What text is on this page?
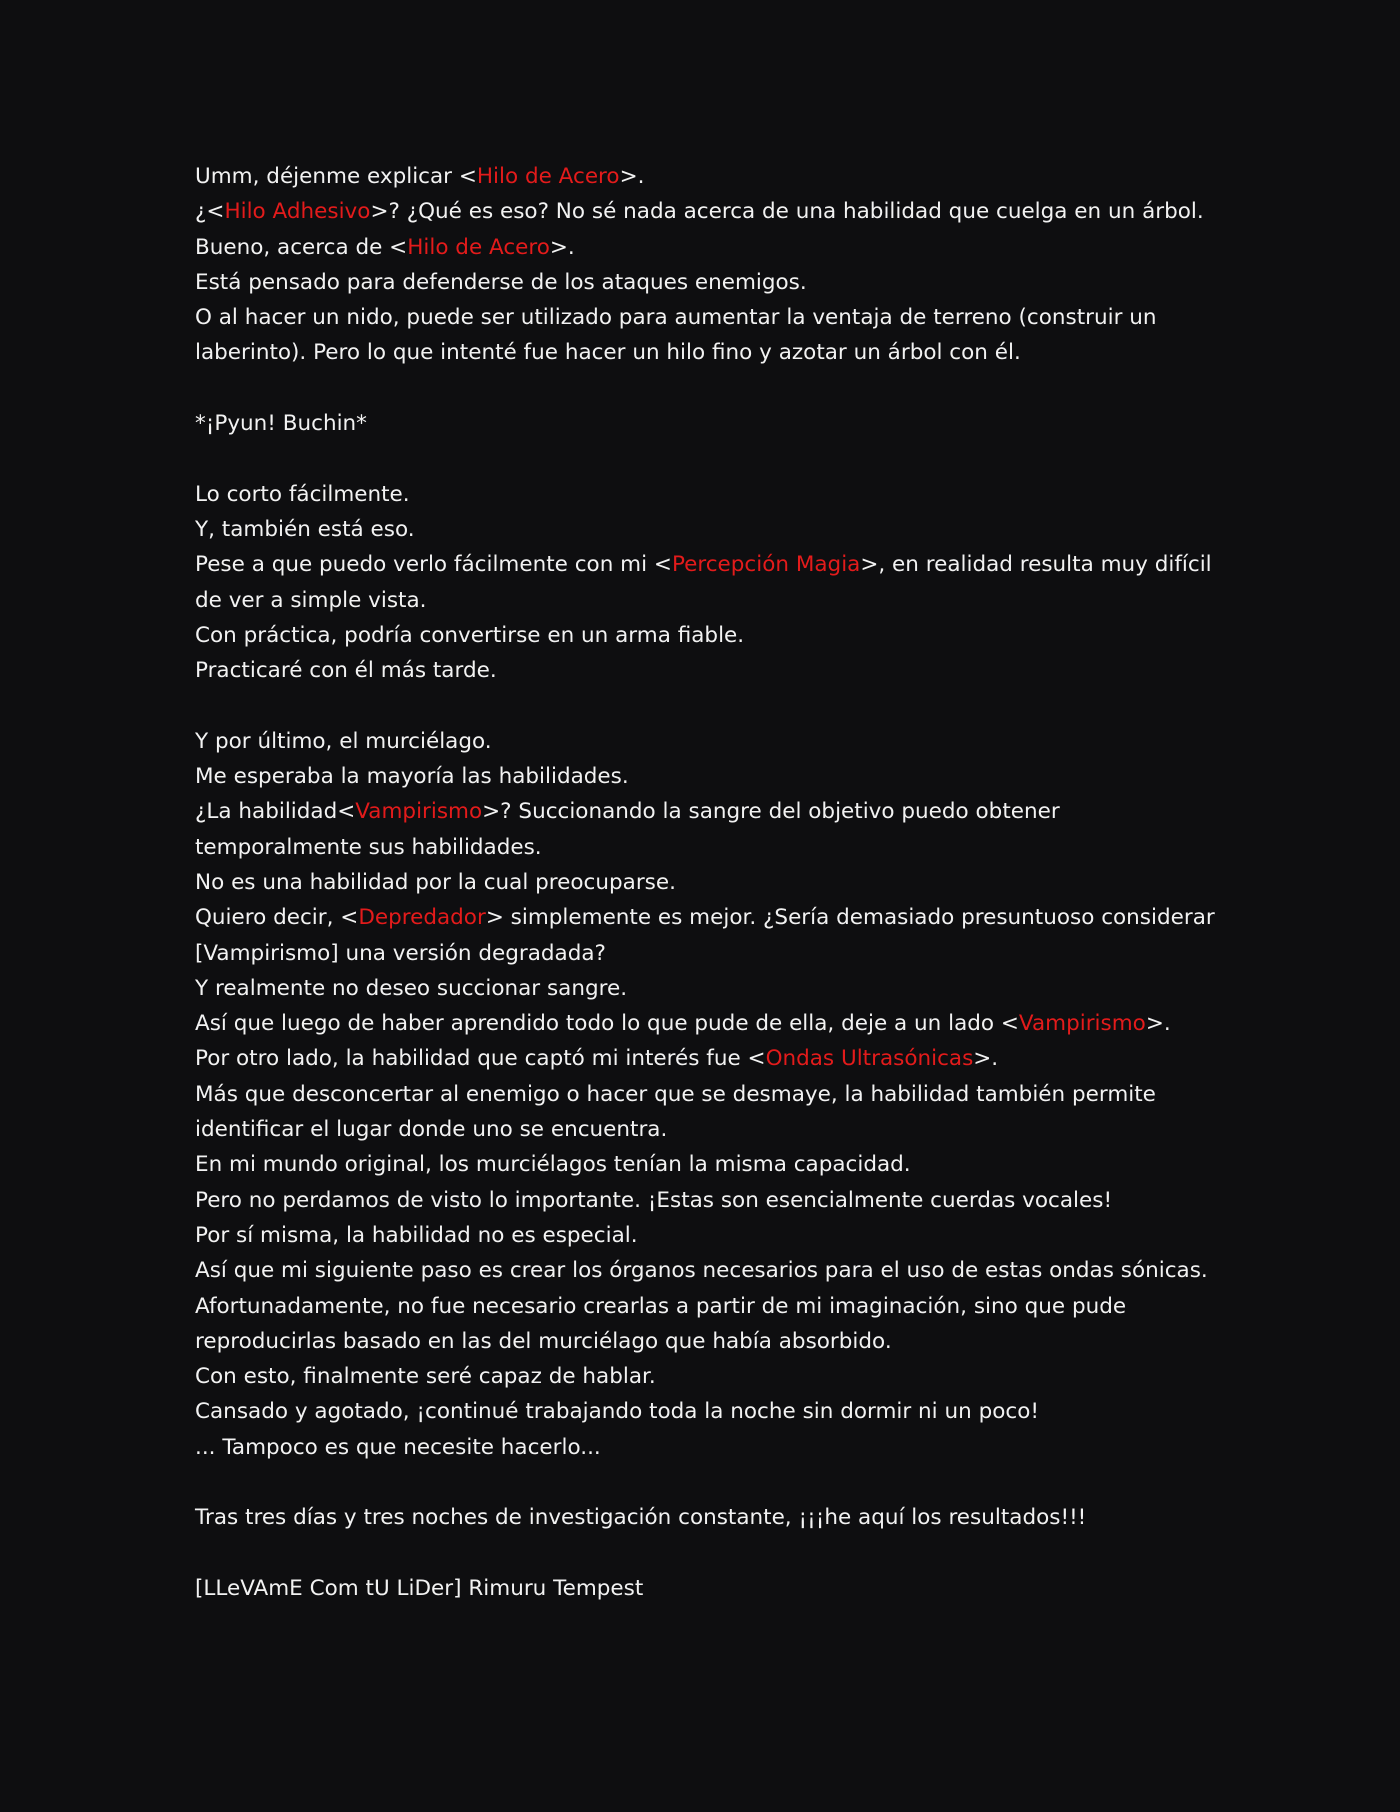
Umm, déjenme explicar <Hilo de Acero>.
¿<Hilo Adhesivo>? ¿Qué es eso? No sé nada acerca de una habilidad que cuelga en un árbol.
Bueno, acerca de <Hilo de Acero>.
Está pensado para defenderse de los ataques enemigos.
O al hacer un nido, puede ser utilizado para aumentar la ventaja de terreno (construir un laberinto). Pero lo que intenté fue hacer un hilo fino y azotar un árbol con él.
*¡Pyun! Buchin*
Lo corto fácilmente.
Y, también está eso.
Pese a que puedo verlo fácilmente con mi <Percepción Magia>, en realidad resulta muy difícil de ver a simple vista.
Con práctica, podría convertirse en un arma fiable.
Practicaré con él más tarde.
Y por último, el murciélago.
Me esperaba la mayoría las habilidades.
¿La habilidad<Vampirismo>? Succionando la sangre del objetivo puedo obtener temporalmente sus habilidades.
No es una habilidad por la cual preocuparse.
Quiero decir, <Depredador> simplemente es mejor. ¿Sería demasiado presuntuoso considerar [Vampirismo] una versión degradada?
Y realmente no deseo succionar sangre.
Así que luego de haber aprendido todo lo que pude de ella, deje a un lado <Vampirismo>.
Por otro lado, la habilidad que captó mi interés fue <Ondas Ultrasónicas>.
Más que desconcertar al enemigo o hacer que se desmaye, la habilidad también permite identificar el lugar donde uno se encuentra.
En mi mundo original, los murciélagos tenían la misma capacidad.
Pero no perdamos de visto lo importante. ¡Estas son esencialmente cuerdas vocales!
Por sí misma, la habilidad no es especial.
Así que mi siguiente paso es crear los órganos necesarios para el uso de estas ondas sónicas.
Afortunadamente, no fue necesario crearlas a partir de mi imaginación, sino que pude reproducirlas basado en las del murciélago que había absorbido.
Con esto, finalmente seré capaz de hablar.
Cansado y agotado, ¡continué trabajando toda la noche sin dormir ni un poco!
... Tampoco es que necesite hacerlo...
Tras tres días y tres noches de investigación constante, ¡¡¡he aquí los resultados!!!
[LLeVAmE Com tU LiDer] Rimuru Tempest
